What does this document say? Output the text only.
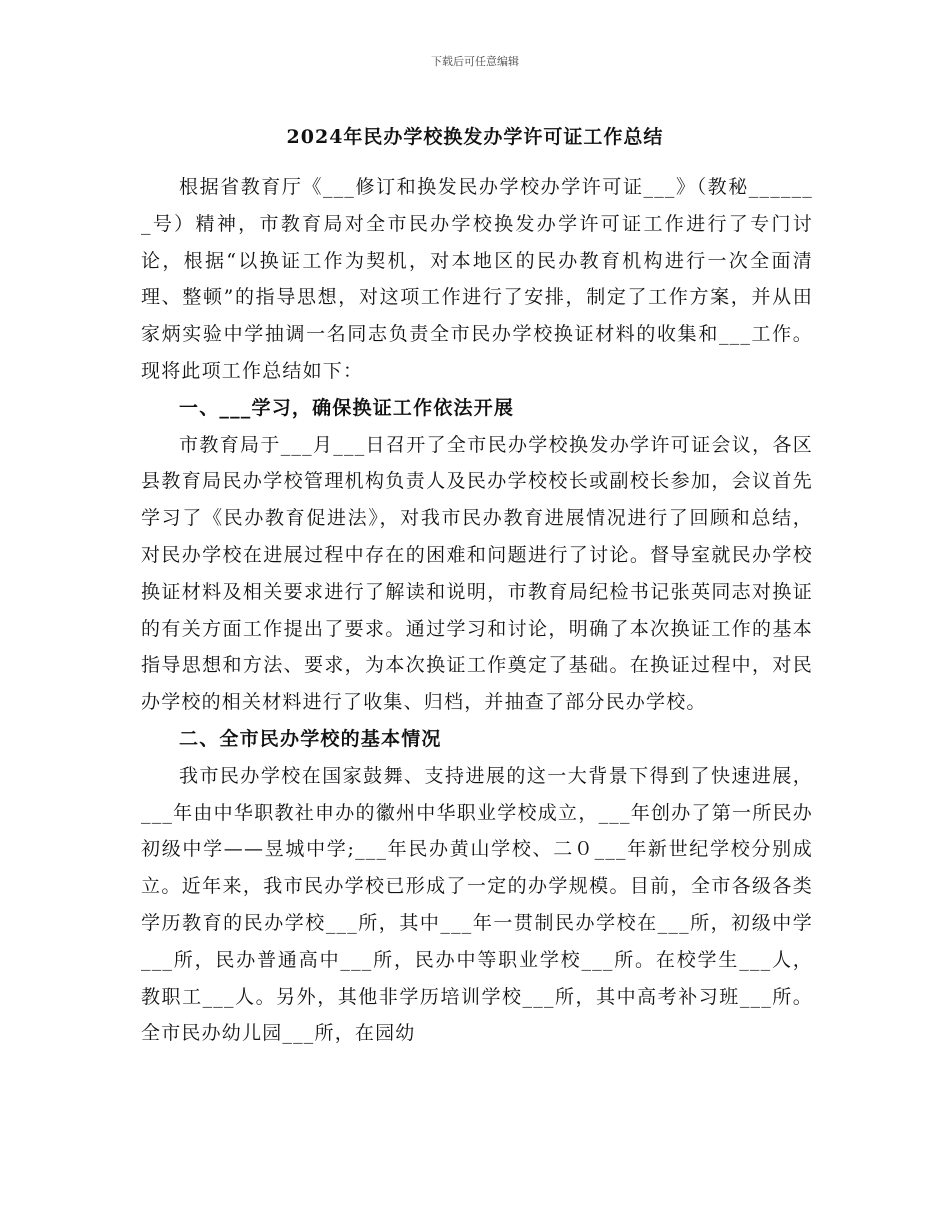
下载后可任意编辑
2024年民办学校换发办学许可证工作总结

根据省教育厅《___修订和换发民办学校办学许可证___》（教秘_______号）精神，市教育局对全市民办学校换发办学许可证工作进行了专门讨论，根据“以换证工作为契机，对本地区的民办教育机构进行一次全面清理、整顿”的指导思想，对这项工作进行了安排，制定了工作方案，并从田家炳实验中学抽调一名同志负责全市民办学校换证材料的收集和___工作。现将此项工作总结如下：

一、___学习，确保换证工作依法开展

市教育局于___月___日召开了全市民办学校换发办学许可证会议，各区县教育局民办学校管理机构负责人及民办学校校长或副校长参加，会议首先学习了《民办教育促进法》，对我市民办教育进展情况进行了回顾和总结，对民办学校在进展过程中存在的困难和问题进行了讨论。督导室就民办学校换证材料及相关要求进行了解读和说明，市教育局纪检书记张英同志对换证的有关方面工作提出了要求。通过学习和讨论，明确了本次换证工作的基本指导思想和方法、要求，为本次换证工作奠定了基础。在换证过程中，对民办学校的相关材料进行了收集、归档，并抽查了部分民办学校。

二、全市民办学校的基本情况

我市民办学校在国家鼓舞、支持进展的这一大背景下得到了快速进展，___年由中华职教社申办的徽州中华职业学校成立，___年创办了第一所民办初级中学——昱城中学;___年民办黄山学校、二０___年新世纪学校分别成立。近年来，我市民办学校已形成了一定的办学规模。目前，全市各级各类学历教育的民办学校___所，其中___年一贯制民办学校在___所，初级中学___所，民办普通高中___所，民办中等职业学校___所。在校学生___人，教职工___人。另外，其他非学历培训学校___所，其中高考补习班___所。全市民办幼儿园___所，在园幼
